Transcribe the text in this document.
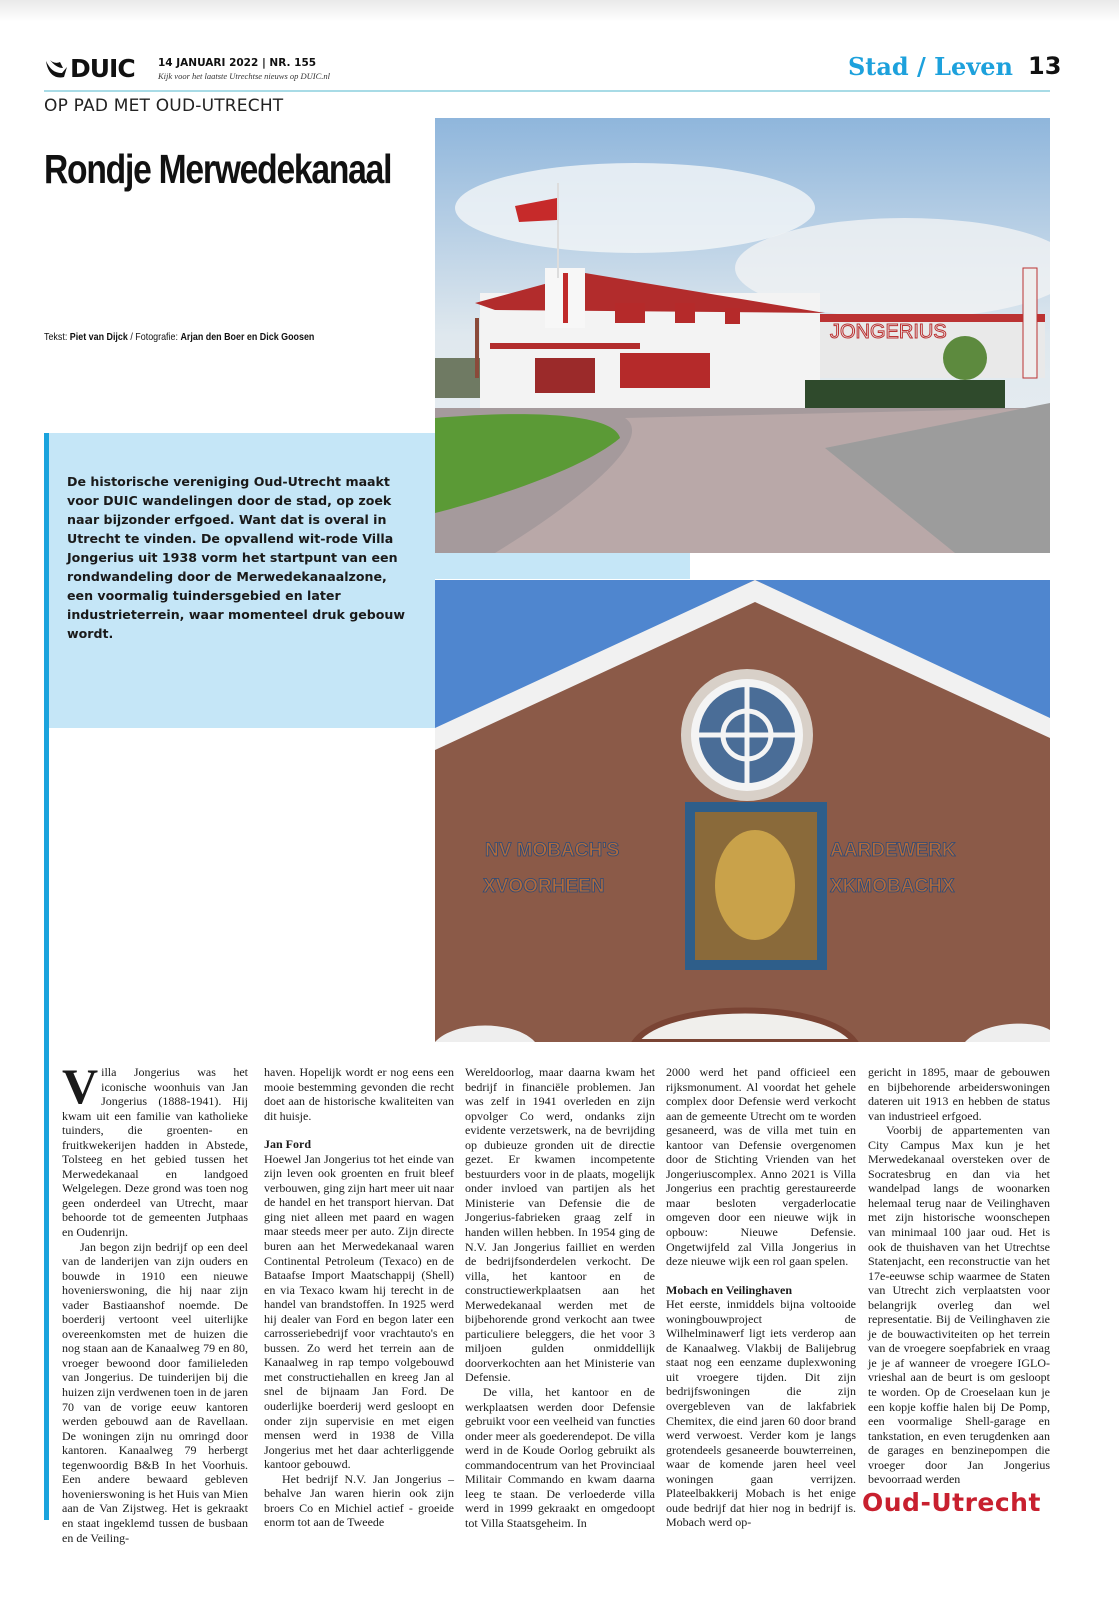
DUIC 14 JANUARI 2022 | NR. 155
Kijk voor het laatste Utrechtse nieuws op DUIC.nl	Stad / Leven 13
OP PAD MET OUD-UTRECHT
Rondje Merwedekanaal
Tekst: Piet van Dijck / Fotografie: Arjan den Boer en Dick Goosen
De historische vereniging Oud-Utrecht maakt voor DUIC wandelingen door de stad, op zoek naar bijzonder erfgoed. Want dat is overal in Utrecht te vinden. De opvallend wit-rode Villa Jongerius uit 1938 vorm het startpunt van een rondwandeling door de Merwedekanaalzone, een voormalig tuindersgebied en later industrieterrein, waar momenteel druk gebouw wordt.
JONGERIUS
NV MOBACH'S
XVOORHEEN
AARDEWERK
XKMOBACHX

Villa Jongerius was het iconische woonhuis van Jan Jongerius (1888-1941). Hij kwam uit een familie van katholieke tuinders, die groenten- en fruitkwekerijen hadden in Abstede, Tolsteeg en het gebied tussen het Merwedekanaal en landgoed Welgelegen. Deze grond was toen nog geen onderdeel van Utrecht, maar behoorde tot de gemeenten Jutphaas en Oudenrijn.

Jan begon zijn bedrijf op een deel van de landerijen van zijn ouders en bouwde in 1910 een nieuwe hovenierswoning, die hij naar zijn vader Bastiaanshof noemde. De boerderij vertoont veel uiterlijke overeenkomsten met de huizen die nog staan aan de Kanaalweg 79 en 80, vroeger bewoond door familieleden van Jongerius. De tuinderijen bij die huizen zijn verdwenen toen in de jaren 70 van de vorige eeuw kantoren werden gebouwd aan de Ravellaan. De woningen zijn nu omringd door kantoren. Kanaalweg 79 herbergt tegenwoordig B&B In het Voorhuis. Een andere bewaard gebleven hovenierswoning is het Huis van Mien aan de Van Zijstweg. Het is gekraakt en staat ingeklemd tussen de busbaan en de Veiling-

haven. Hopelijk wordt er nog eens een mooie bestemming gevonden die recht doet aan de historische kwaliteiten van dit huisje.

Jan Ford

Hoewel Jan Jongerius tot het einde van zijn leven ook groenten en fruit bleef verbouwen, ging zijn hart meer uit naar de handel en het transport hiervan. Dat ging niet alleen met paard en wagen maar steeds meer per auto. Zijn directe buren aan het Merwedekanaal waren Continental Petroleum (Texaco) en de Bataafse Import Maatschappij (Shell) en via Texaco kwam hij terecht in de handel van brandstoffen. In 1925 werd hij dealer van Ford en begon later een carrosseriebedrijf voor vrachtauto's en bussen. Zo werd het terrein aan de Kanaalweg in rap tempo volgebouwd met constructiehallen en kreeg Jan al snel de bijnaam Jan Ford. De ouderlijke boerderij werd gesloopt en onder zijn supervisie en met eigen mensen werd in 1938 de Villa Jongerius met het daar achterliggende kantoor gebouwd.

Het bedrijf N.V. Jan Jongerius – behalve Jan waren hierin ook zijn broers Co en Michiel actief - groeide enorm tot aan de Tweede

Wereldoorlog, maar daarna kwam het bedrijf in financiële problemen. Jan was zelf in 1941 overleden en zijn opvolger Co werd, ondanks zijn evidente verzetswerk, na de bevrijding op dubieuze gronden uit de directie gezet. Er kwamen incompetente bestuurders voor in de plaats, mogelijk onder invloed van partijen als het Ministerie van Defensie die de Jongerius-fabrieken graag zelf in handen willen hebben. In 1954 ging de N.V. Jan Jongerius failliet en werden de bedrijfsonderdelen verkocht. De villa, het kantoor en de constructiewerkplaatsen aan het Merwedekanaal werden met de bijbehorende grond verkocht aan twee particuliere beleggers, die het voor 3 miljoen gulden onmiddellijk doorverkochten aan het Ministerie van Defensie.

De villa, het kantoor en de werkplaatsen werden door Defensie gebruikt voor een veelheid van functies onder meer als goederendepot. De villa werd in de Koude Oorlog gebruikt als commandocentrum van het Provinciaal Militair Commando en kwam daarna leeg te staan. De verloederde villa werd in 1999 gekraakt en omgedoopt tot Villa Staatsgeheim. In

2000 werd het pand officieel een rijksmonument. Al voordat het gehele complex door Defensie werd verkocht aan de gemeente Utrecht om te worden gesaneerd, was de villa met tuin en kantoor van Defensie overgenomen door de Stichting Vrienden van het Jongeriuscomplex. Anno 2021 is Villa Jongerius een prachtig gerestaureerde maar besloten vergaderlocatie omgeven door een nieuwe wijk in opbouw: Nieuwe Defensie. Ongetwijfeld zal Villa Jongerius in deze nieuwe wijk een rol gaan spelen.

Mobach en Veilinghaven

Het eerste, inmiddels bijna voltooide woningbouwproject de Wilhelminawerf ligt iets verderop aan de Kanaalweg. Vlakbij de Balijebrug staat nog een eenzame duplexwoning uit vroegere tijden. Dit zijn bedrijfswoningen die zijn overgebleven van de lakfabriek Chemitex, die eind jaren 60 door brand werd verwoest. Verder kom je langs grotendeels gesaneerde bouwterreinen, waar de komende jaren heel veel woningen gaan verrijzen. Plateelbakkerij Mobach is het enige oude bedrijf dat hier nog in bedrijf is. Mobach werd op-

gericht in 1895, maar de gebouwen en bijbehorende arbeiderswoningen dateren uit 1913 en hebben de status van industrieel erfgoed.

Voorbij de appartementen van City Campus Max kun je het Merwedekanaal oversteken over de Socratesbrug en dan via het wandelpad langs de woonarken helemaal terug naar de Veilinghaven met zijn historische woonschepen van minimaal 100 jaar oud. Het is ook de thuishaven van het Utrechtse Statenjacht, een reconstructie van het 17e-eeuwse schip waarmee de Staten van Utrecht zich verplaatsten voor belangrijk overleg dan wel representatie. Bij de Veilinghaven zie je de bouwactiviteiten op het terrein van de vroegere soepfabriek en vraag je je af wanneer de vroegere IGLO-vrieshal aan de beurt is om gesloopt te worden. Op de Croeselaan kun je een kopje koffie halen bij De Pomp, een voormalige Shell-garage en tankstation, en even terugdenken aan de garages en benzinepompen die vroeger door Jan Jongerius bevoorraad werden

Oud-Utrecht
